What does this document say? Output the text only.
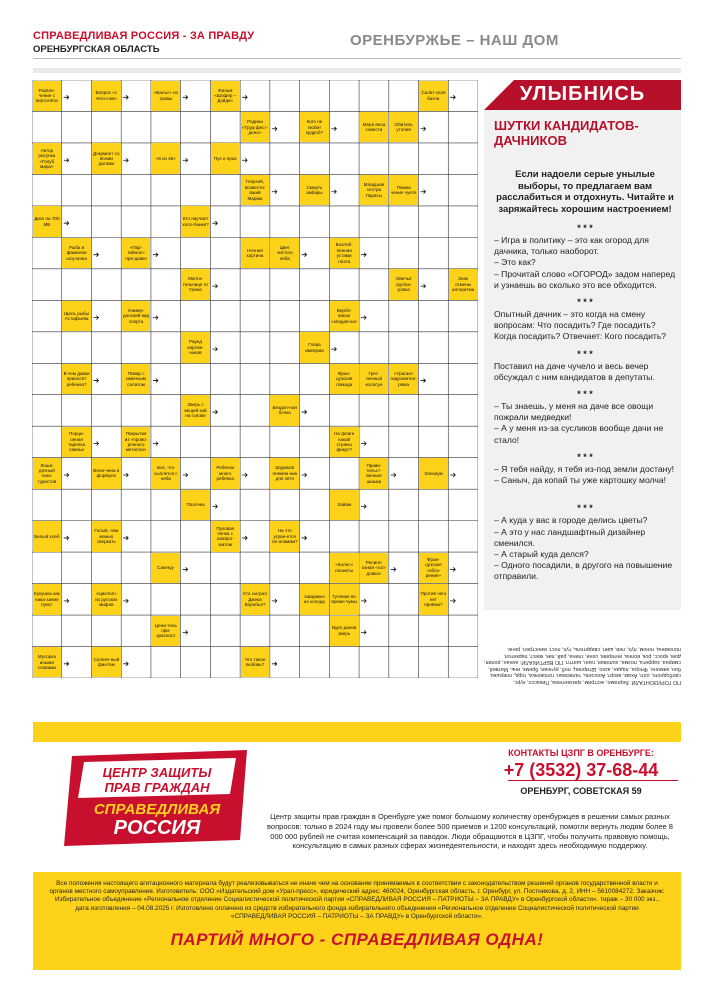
СПРАВЕДЛИВАЯ РОССИЯ - ЗА ПРАВДУ
ОРЕНБУРГСКАЯ ОБЛАСТЬ
ОРЕНБУРЖЬЕ – НАШ ДОМ
Развле-чение с вертолёта
Вопрос «с чего-сом»
«Вальс» из травы
Фильм «Шофер – Дэйди»
Салат-ская бахча
Родина «Труд-фест-дено»
Кого не любит кудроб?
Мера веса совести
Обитель утопия
Автор рисунка «Голуб мира»
Документ со всеми датами
«6 из 45»	Пух и прах
Георгий, возвести-вший Марию
Смерть амбары
Младшая сестра Ларисы
Помна чение чуете
Диск на 700 МБ
Кто научает холл-банки?
Рыба в фамилии шоу-мэна
«Пар-тийное» при-давке
Ночная картина
Цвет чистого неба
Возлоб-ленная устами поэта
Мачта-тельнице от Грина
Овечья группа-ровка
Знак отмены алгоритма
Щель рыбы Астафьева
Универ-донский вид спорта
Вербл-южью «кладов-ка»
Раунд картеж-ников
Глава империи
В чем давки приносят ребенка?
Повар с именным салатом
Фран-цузская помада
Грет-ленный колосун
«Ураган» гидрометео-ряма
Зверь с вещей кой на голове
Бездон-ная бочка
Порци-онная тарелка свиньи
Покрытие из «прово-ренного металла»
На флаге какой страны фикус?
Лоша-дочный гана-туристов
Вели-чина в формуле
Бос, что сыплется с неба
Ребёнок много ребёнка
Шуриков племян-ник для зятя
Прави-тельст-венная шишка
Элизиум
Полочка	Хайам
Белый хлеб
Голый, чем можно сверкать
Пуховая пачка с компро-матом
На что уграе-ется ле-опамми?
Сакенд-
«Колес» планеты
Религи-озная «гол-довка»
Фран-цузская «обоз-рение»
Кукушка как нака-зание пункт
«Циклоп» из русских мифов
Кто сыграл Джека Воробья?
«Шарики» из холода
Гуляние во время чумы
Против чего нет приёма?
Цени-тель при-красного
Вурс-данов зверь
Мусорка иными словами
Солнеч-ный фантом
Что такое любовь?
УЛЫБНИСЬ
ШУТКИ КАНДИДАТОВ-ДАЧНИКОВ
Если надоели серые унылые выборы, то предлагаем вам расслабиться и отдохнуть. Читайте и заряжайтесь хорошим настроением!
* * *
– Игра в политику – это как огород для дачника, только наоборот.
– Это как?
– Прочитай слово «ОГОРОД» задом наперед и узнаешь во сколько это все обходится.
* * *
Опытный дачник – это когда на смену вопросам: Что посадить? Где посадить? Когда посадить? Отвечает: Кого посадить?
* * *
Поставил на даче чучело и весь вечер обсуждал с ним кандидатов в депутаты.
* * *
– Ты знаешь, у меня на даче все овощи пожрали медведки!
– А у меня из-за сусликов вообще дачи не стало!
* * *
– Я тебя найду, я тебя из-под земли достану!
– Саныч, да копай ты уже картошку молча!
* * *
– А куда у вас в городе делись цветы?
– А это у нас ландшафтный дизайнер сменился.
– А старый куда делся?
– Одного посадили, в другого на повышение отправили.
ПО ГОРИЗОНТАЛИ: Бергамо, экстрим, хризантема, Пикассо, курс, свободного, олл, Ахам, акорт, Аоосиль, талисман, головочка, горд, ловушка, бон, кимоно, Флора, ладан, аско, Штирлиц, лоб, ручная, бремк, инь, Матвей, смирна, каррета, поэма, эоловая, гаон, шаттл. ПО ВЕРТИКАЛИ: аннан, ролия, дом, кросс, рок, волна, интерим, сени, глина, рай, пик, квест, паркетол, половина, геном, пух, лев, шип, свидетель, тух, пост, минстрел, рене.
ЦЕНТР ЗАЩИТЫ
ПРАВ ГРАЖДАН
СПРАВЕДЛИВАЯ
РОССИЯ
КОНТАКТЫ ЦЗПГ В ОРЕНБУРГЕ:
+7 (3532) 37-68-44
ОРЕНБУРГ, СОВЕТСКАЯ 59
Центр защиты прав граждан в Оренбурге уже помог большому количеству оренбуржцев в решении самых разных вопросов: только в 2024 году мы провели более 500 приемов и 1200 консультаций, помогли вернуть людям более 8 000 000 рублей не считая компенсаций за паводок. Люди обращаются в ЦЗПГ, чтобы получить правовую помощь, консультацию в самых разных сферах жизнедеятельности, и находят здесь необходимую поддержку.
Все положения настоящего агитационного материала будут реализовываться не иначе чем на основании принимаемых в соответствии с законодательством решений органов государственной власти и органов местного самоуправления. Изготовитель: ООО «Издательский дом «Урал-пресс», юридический адрес: 460024, Оренбургская область, г. Оренбург, ул. Постникова, д. 2, ИНН – 5610084272. Заказчик: Избирательное объединение «Региональное отделение Социалистической политической партии «СПРАВЕДЛИВАЯ РОССИЯ – ПАТРИОТЫ – ЗА ПРАВДУ» в Оренбургской области». тираж – 30 000 экз., дата изготовления – 04.08.2025 г. Изготовлено оплачено из средств избирательного фонда избирательного объединения «Региональное отделение Социалистической политической партии «СПРАВЕДЛИВАЯ РОССИЯ – ПАТРИОТЫ – ЗА ПРАВДУ» в Оренбургской области».
ПАРТИЙ МНОГО - СПРАВЕДЛИВАЯ ОДНА!
